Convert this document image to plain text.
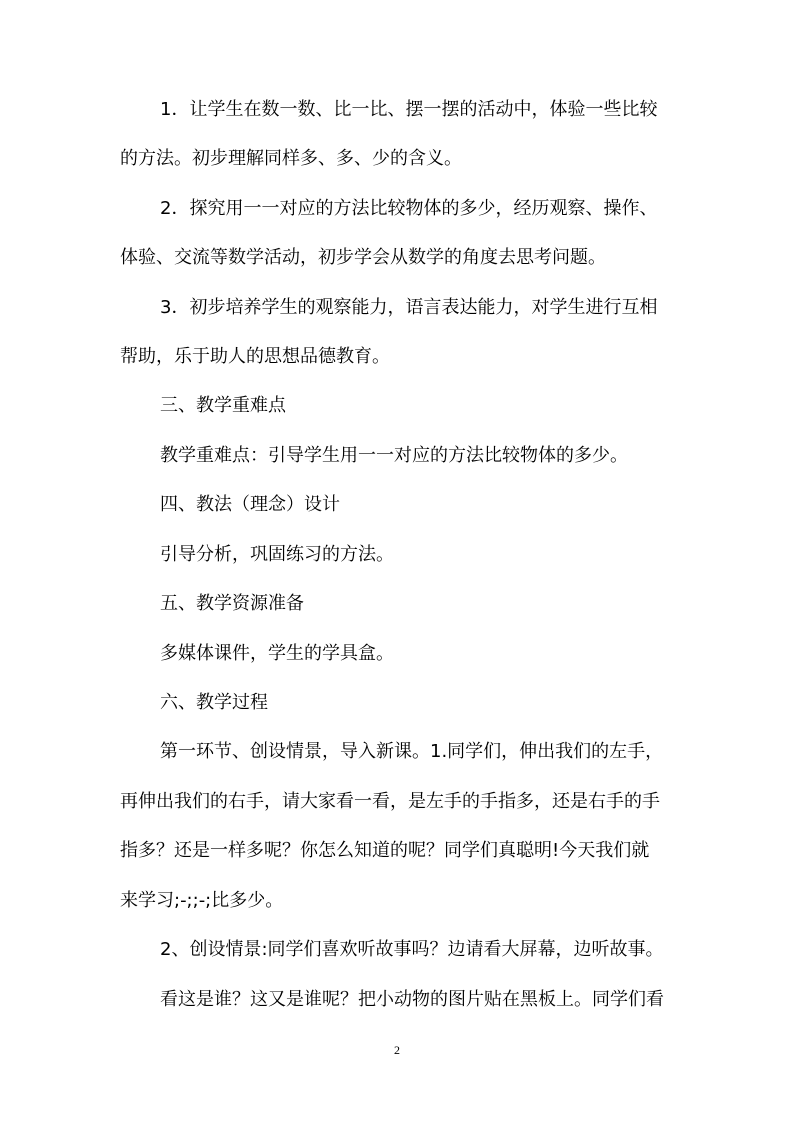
1．让学生在数一数、比一比、摆一摆的活动中，体验一些比较
的方法。初步理解同样多、多、少的含义。
2．探究用一一对应的方法比较物体的多少，经历观察、操作、
体验、交流等数学活动，初步学会从数学的角度去思考问题。
3．初步培养学生的观察能力，语言表达能力，对学生进行互相
帮助，乐于助人的思想品德教育。
三、教学重难点
教学重难点：引导学生用一一对应的方法比较物体的多少。
四、教法（理念）设计
引导分析，巩固练习的方法。
五、教学资源准备
多媒体课件，学生的学具盒。
六、教学过程
第一环节、创设情景，导入新课。1.同学们，伸出我们的左手，
再伸出我们的右手，请大家看一看，是左手的手指多，还是右手的手
指多？还是一样多呢？你怎么知道的呢？同学们真聪明!今天我们就
来学习;-;;-;比多少。
2、创设情景:同学们喜欢听故事吗？边请看大屏幕，边听故事。
看这是谁？这又是谁呢？把小动物的图片贴在黑板上。同学们看
2
